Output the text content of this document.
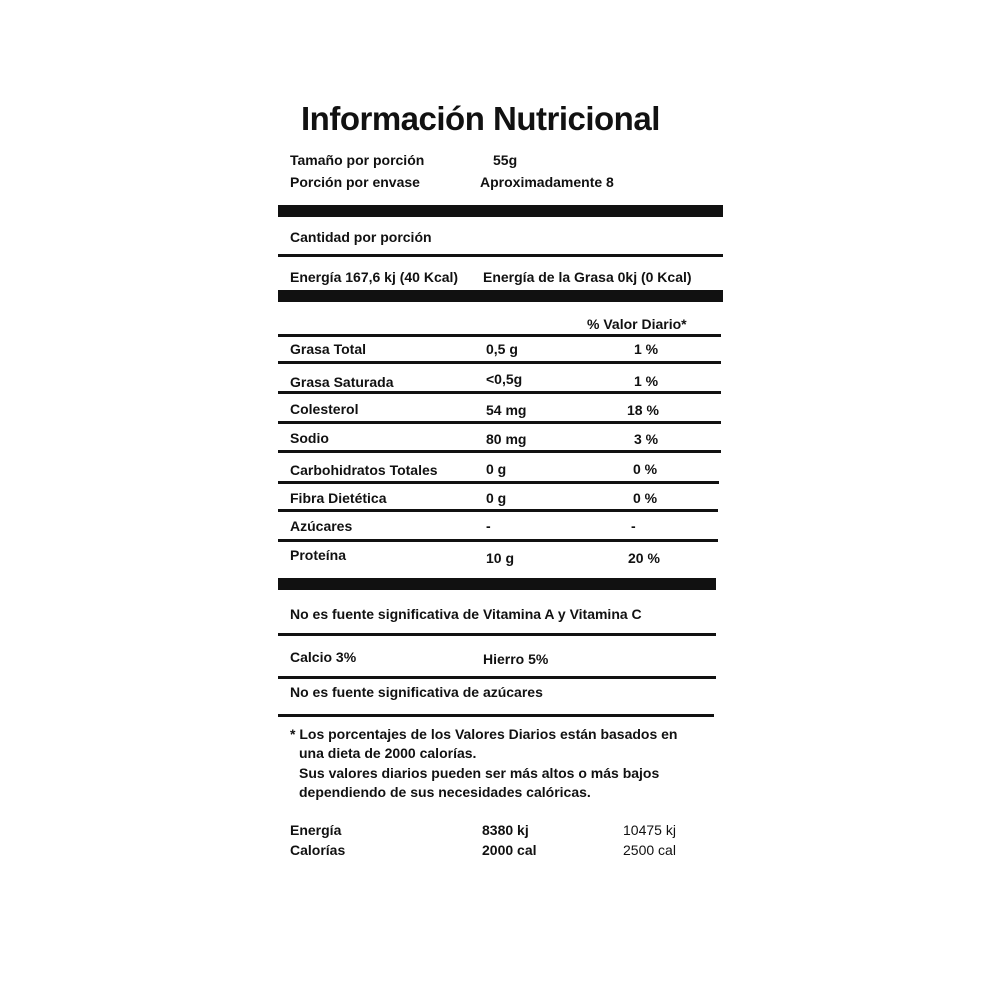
Información Nutricional
Tamaño por porción	55g
Porción por envase	Aproximadamente 8
Cantidad por porción
Energía 167,6 kj (40 Kcal) Energía de la Grasa 0kj (0 Kcal)
% Valor Diario*
Grasa Total	0,5 g	1 %
Grasa Saturada	<0,5g	1 %
Colesterol	54 mg	18 %
Sodio	80 mg	3 %
Carbohidratos Totales	0 g	0 %
Fibra Dietética	0 g	0 %
Azúcares	-	-
Proteína	10 g	20 %
No es fuente significativa de Vitamina A y Vitamina C
Calcio 3%	Hierro 5%
No es fuente significativa de azúcares
* Los porcentajes de los Valores Diarios están basados en
una dieta de 2000 calorías.
Sus valores diarios pueden ser más altos o más bajos
dependiendo de sus necesidades calóricas.
Energía	8380 kj	10475 kj
Calorías	2000 cal	2500 cal
